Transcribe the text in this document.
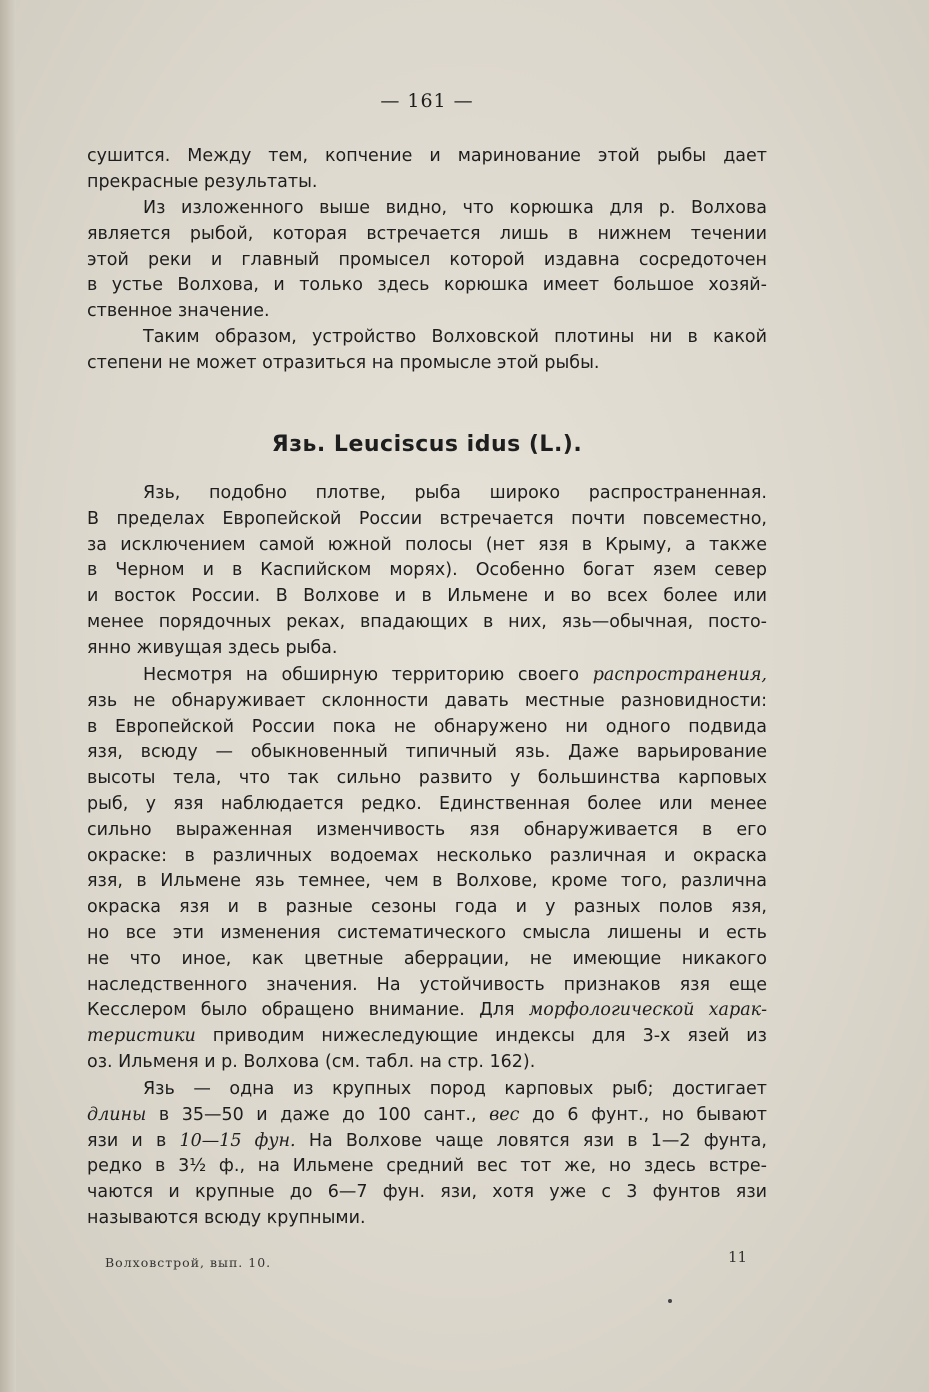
— 161 —
сушится. Между тем, копчение и маринование этой рыбы дает
прекрасные результаты.
Из изложенного выше видно, что корюшка для р. Волхова
является рыбой, которая встречается лишь в нижнем течении
этой реки и главный промысел которой издавна сосредоточен
в устье Волхова, и только здесь корюшка имеет большое хозяй-
ственное значение.
Таким образом, устройство Волховской плотины ни в какой
степени не может отразиться на промысле этой рыбы.
Язь. Leuciscus idus (L.).
Язь, подобно плотве, рыба широко распространенная.
В пределах Европейской России встречается почти повсеместно,
за исключением самой южной полосы (нет язя в Крыму, а также
в Черном и в Каспийском морях). Особенно богат язем север
и восток России. В Волхове и в Ильмене и во всех более или
менее порядочных реках, впадающих в них, язь—обычная, посто-
янно живущая здесь рыба.
Несмотря на обширную территорию своего распространения,
язь не обнаруживает склонности давать местные разновидности:
в Европейской России пока не обнаружено ни одного подвида
язя, всюду — обыкновенный типичный язь. Даже варьирование
высоты тела, что так сильно развито у большинства карповых
рыб, у язя наблюдается редко. Единственная более или менее
сильно выраженная изменчивость язя обнаруживается в его
окраске: в различных водоемах несколько различная и окраска
язя, в Ильмене язь темнее, чем в Волхове, кроме того, различна
окраска язя и в разные сезоны года и у разных полов язя,
но все эти изменения систематического смысла лишены и есть
не что иное, как цветные аберрации, не имеющие никакого
наследственного значения. На устойчивость признаков язя еще
Кесслером было обращено внимание. Для морфологической харак-
теристики приводим нижеследующие индексы для 3-х язей из
оз. Ильменя и р. Волхова (см. табл. на стр. 162).
Язь — одна из крупных пород карповых рыб; достигает
длины в 35—50 и даже до 100 сант., вес до 6 фунт., но бывают
язи и в 10—15 фун. На Волхове чаще ловятся язи в 1—2 фунта,
редко в 3½ ф., на Ильмене средний вес тот же, но здесь встре-
чаются и крупные до 6—7 фун. язи, хотя уже с 3 фунтов язи
называются всюду крупными.
Волховстрой, вып. 10.	11
